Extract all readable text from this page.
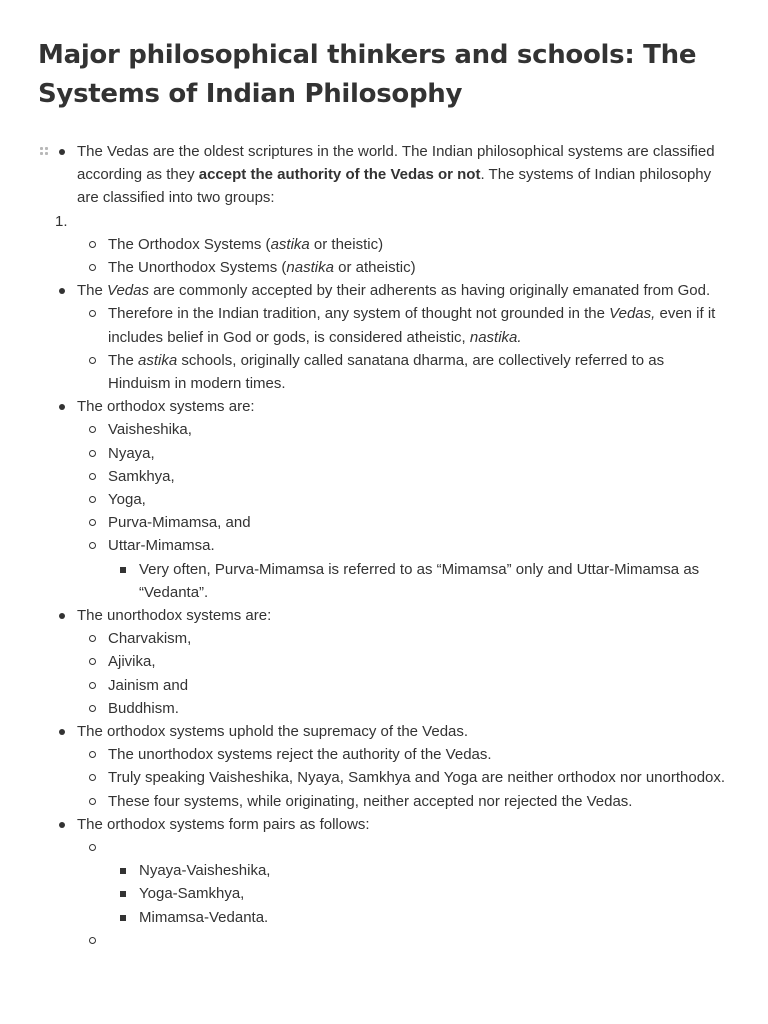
Major philosophical thinkers and schools: The Systems of Indian Philosophy
The Vedas are the oldest scriptures in the world. The Indian philosophical systems are classified according as they accept the authority of the Vedas or not. The systems of Indian philosophy are classified into two groups:
1.
The Orthodox Systems (astika or theistic)
The Unorthodox Systems (nastika or atheistic)
The Vedas are commonly accepted by their adherents as having originally emanated from God.
Therefore in the Indian tradition, any system of thought not grounded in the Vedas, even if it includes belief in God or gods, is considered atheistic, nastika.
The astika schools, originally called sanatana dharma, are collectively referred to as Hinduism in modern times.
The orthodox systems are:
Vaisheshika,
Nyaya,
Samkhya,
Yoga,
Purva-Mimamsa, and
Uttar-Mimamsa.
Very often, Purva-Mimamsa is referred to as “Mimamsa” only and Uttar-Mimamsa as “Vedanta”.
The unorthodox systems are:
Charvakism,
Ajivika,
Jainism and
Buddhism.
The orthodox systems uphold the supremacy of the Vedas.
The unorthodox systems reject the authority of the Vedas.
Truly speaking Vaisheshika, Nyaya, Samkhya and Yoga are neither orthodox nor unorthodox.
These four systems, while originating, neither accepted nor rejected the Vedas.
The orthodox systems form pairs as follows:
Nyaya-Vaisheshika,
Yoga-Samkhya,
Mimamsa-Vedanta.
